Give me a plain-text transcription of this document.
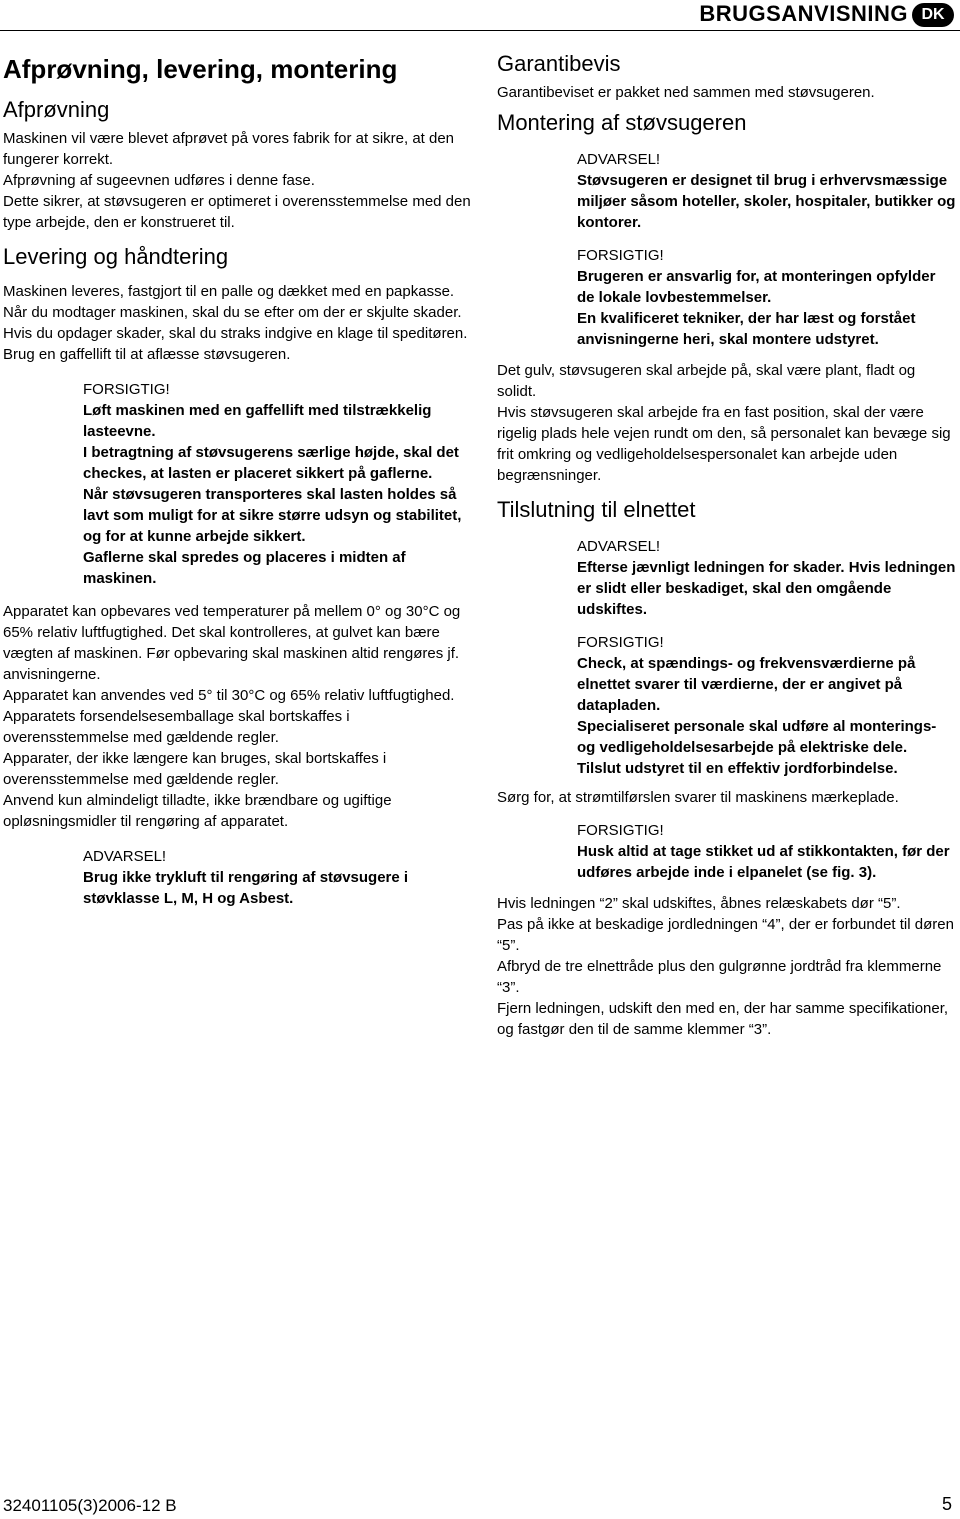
BRUGSANVISNING DK
Afprøvning, levering, montering
Afprøvning

Maskinen vil være blevet afprøvet på vores fabrik for at sikre, at den fungerer korrekt.

Afprøvning af sugeevnen udføres i denne fase.

Dette sikrer, at støvsugeren er optimeret i overensstemmelse med den type arbejde, den er konstrueret til.

Levering og håndtering

Maskinen leveres, fastgjort til en palle og dækket med en papkasse.

Når du modtager maskinen, skal du se efter om der er skjulte skader. Hvis du opdager skader, skal du straks indgive en klage til speditøren.

Brug en gaffellift til at aflæsse støvsugeren.

FORSIGTIG!
Løft maskinen med en gaffellift med tilstrækkelig lasteevne.
I betragtning af støvsugerens særlige højde, skal det checkes, at lasten er placeret sikkert på gaflerne.
Når støvsugeren transporteres skal lasten holdes så lavt som muligt for at sikre større udsyn og stabilitet, og for at kunne arbejde sikkert.
Gaflerne skal spredes og placeres i midten af maskinen.

Apparatet kan opbevares ved temperaturer på mellem 0° og 30°C og 65% relativ luftfugtighed. Det skal kontrolleres, at gulvet kan bære vægten af maskinen. Før opbevaring skal maskinen altid rengøres jf. anvisningerne.

Apparatet kan anvendes ved 5° til 30°C og 65% relativ luftfugtighed.

Apparatets forsendelsesemballage skal bortskaffes i overensstemmelse med gældende regler.

Apparater, der ikke længere kan bruges, skal bortskaffes i overensstemmelse med gældende regler.

Anvend kun almindeligt tilladte, ikke brændbare og ugiftige opløsningsmidler til rengøring af apparatet.

ADVARSEL!
Brug ikke trykluft til rengøring af støvsugere i støvklasse L, M, H og Asbest.
Garantibevis

Garantibeviset er pakket ned sammen med støvsugeren.

Montering af støvsugeren
ADVARSEL!
Støvsugeren er designet til brug i erhvervsmæssige miljøer såsom hoteller, skoler, hospitaler, butikker og kontorer.
FORSIGTIG!
Brugeren er ansvarlig for, at monteringen opfylder de lokale lovbestemmelser.
En kvalificeret tekniker, der har læst og forstået anvisningerne heri, skal montere udstyret.

Det gulv, støvsugeren skal arbejde på, skal være plant, fladt og solidt.

Hvis støvsugeren skal arbejde fra en fast position, skal der være rigelig plads hele vejen rundt om den, så personalet kan bevæge sig frit omkring og vedligeholdelsespersonalet kan arbejde uden begrænsninger.

Tilslutning til elnettet
ADVARSEL!
Efterse jævnligt ledningen for skader. Hvis ledningen er slidt eller beskadiget, skal den omgående udskiftes.
FORSIGTIG!
Check, at spændings- og frekvensværdierne på elnettet svarer til værdierne, der er angivet på datapladen.
Specialiseret personale skal udføre al monterings- og vedligeholdelsesarbejde på elektriske dele.
Tilslut udstyret til en effektiv jordforbindelse.

Sørg for, at strømtilførslen svarer til maskinens mærkeplade.

FORSIGTIG!
Husk altid at tage stikket ud af stikkontakten, før der udføres arbejde inde i elpanelet (se fig. 3).

Hvis ledningen “2” skal udskiftes, åbnes relæskabets dør “5”.

Pas på ikke at beskadige jordledningen “4”, der er forbundet til døren “5”.

Afbryd de tre elnettråde plus den gulgrønne jordtråd fra klemmerne “3”.

Fjern ledningen, udskift den med en, der har samme specifikationer, og fastgør den til de samme klemmer “3”.

32401105(3)2006-12 B	5
